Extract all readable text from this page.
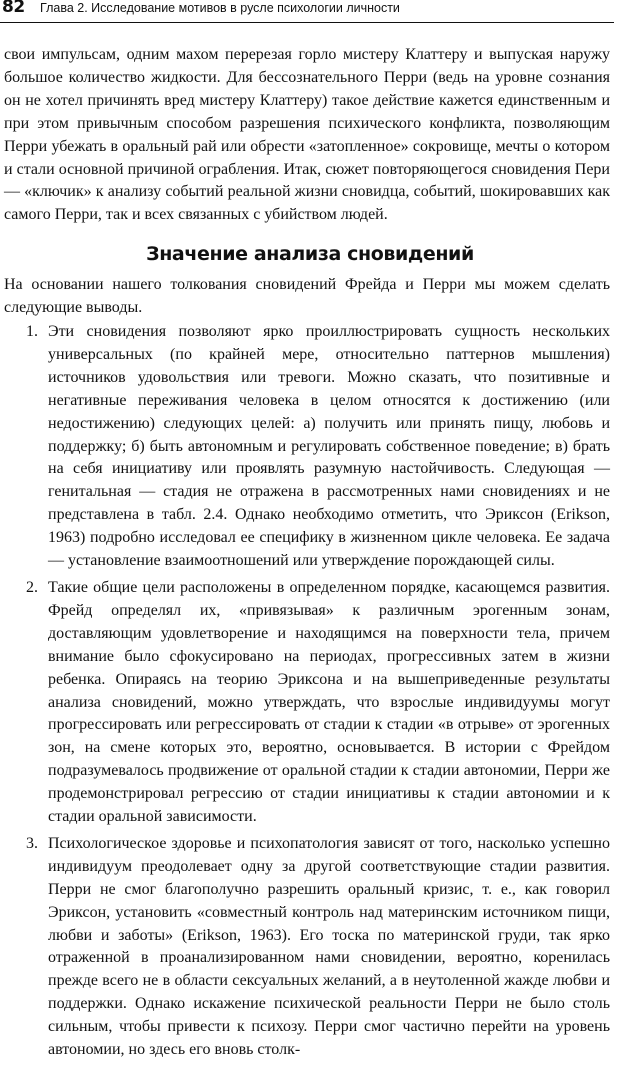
82 Глава 2. Исследование мотивов в русле психологии личности
свои импульсам, одним махом перерезая горло мистеру Клаттеру и выпуская наружу большое количество жидкости. Для бессознательного Перри (ведь на уровне сознания он не хотел причинять вред мистеру Клаттеру) такое действие кажется единственным и при этом привычным способом разрешения психического конфликта, позволяющим Перри убежать в оральный рай или обрести «затопленное» сокровище, мечты о котором и стали основной причиной ограбления. Итак, сюжет повторяющегося сновидения Пери — «ключик» к анализу событий реальной жизни сновидца, событий, шокировавших как самого Перри, так и всех связанных с убийством людей.
Значение анализа сновидений
На основании нашего толкования сновидений Фрейда и Перри мы можем сделать следующие выводы.
1. Эти сновидения позволяют ярко проиллюстрировать сущность нескольких универсальных (по крайней мере, относительно паттернов мышления) источников удовольствия или тревоги. Можно сказать, что позитивные и негативные переживания человека в целом относятся к достижению (или недостижению) следующих целей: а) получить или принять пищу, любовь и поддержку; б) быть автономным и регулировать собственное поведение; в) брать на себя инициативу или проявлять разумную настойчивость. Следующая — генитальная — стадия не отражена в рассмотренных нами сновидениях и не представлена в табл. 2.4. Однако необходимо отметить, что Эриксон (Erikson, 1963) подробно исследовал ее специфику в жизненном цикле человека. Ее задача — установление взаимоотношений или утверждение порождающей силы.
2. Такие общие цели расположены в определенном порядке, касающемся развития. Фрейд определял их, «привязывая» к различным эрогенным зонам, доставляющим удовлетворение и находящимся на поверхности тела, причем внимание было сфокусировано на периодах, прогрессивных затем в жизни ребенка. Опираясь на теорию Эриксона и на вышеприведенные результаты анализа сновидений, можно утверждать, что взрослые индивидуумы могут прогрессировать или регрессировать от стадии к стадии «в отрыве» от эрогенных зон, на смене которых это, вероятно, основывается. В истории с Фрейдом подразумевалось продвижение от оральной стадии к стадии автономии, Перри же продемонстрировал регрессию от стадии инициативы к стадии автономии и к стадии оральной зависимости.
3. Психологическое здоровье и психопатология зависят от того, насколько успешно индивидуум преодолевает одну за другой соответствующие стадии развития. Перри не смог благополучно разрешить оральный кризис, т. е., как говорил Эриксон, установить «совместный контроль над материнским источником пищи, любви и заботы» (Erikson, 1963). Его тоска по материнской груди, так ярко отраженной в проанализированном нами сновидении, вероятно, коренилась прежде всего не в области сексуальных желаний, а в неутоленной жажде любви и поддержки. Однако искажение психической реальности Перри не было столь сильным, чтобы привести к психозу. Перри смог частично перейти на уровень автономии, но здесь его вновь столк-
